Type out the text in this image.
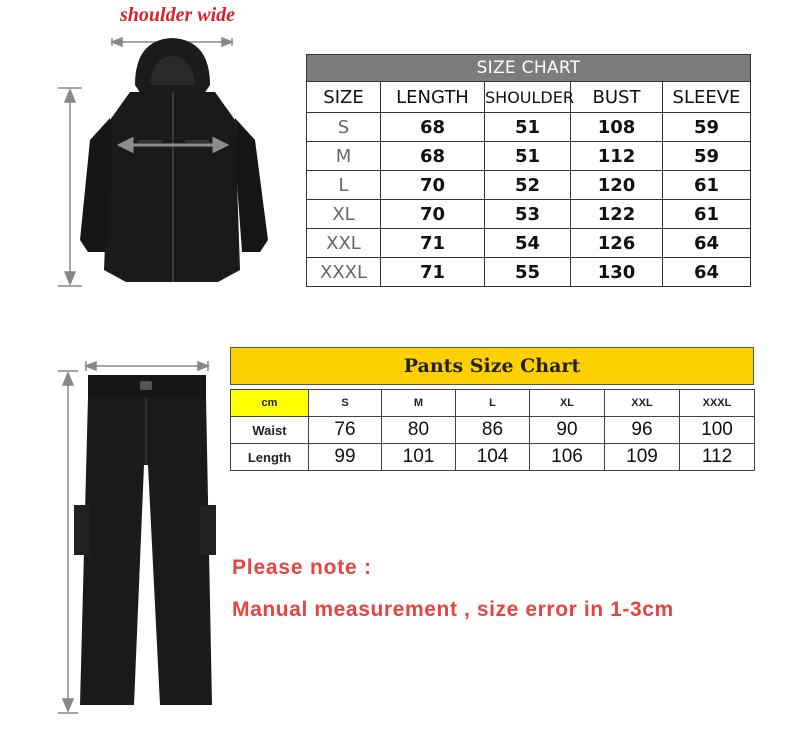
shoulder wide
SIZE CHART				
SIZE	LENGTH	SHOULDER	BUST	SLEEVE
S	68	51	108	59
M	68	51	112	59
L	70	52	120	61
XL	70	53	122	61
XXL	71	54	126	64
XXXL	71	55	130	64
Pants Size Chart
cm	S	M	L	XL	XXL	XXXL
Waist	76	80	86	90	96	100
Length	99	101	104	106	109	112
Please note :
Manual measurement , size error in 1-3cm
